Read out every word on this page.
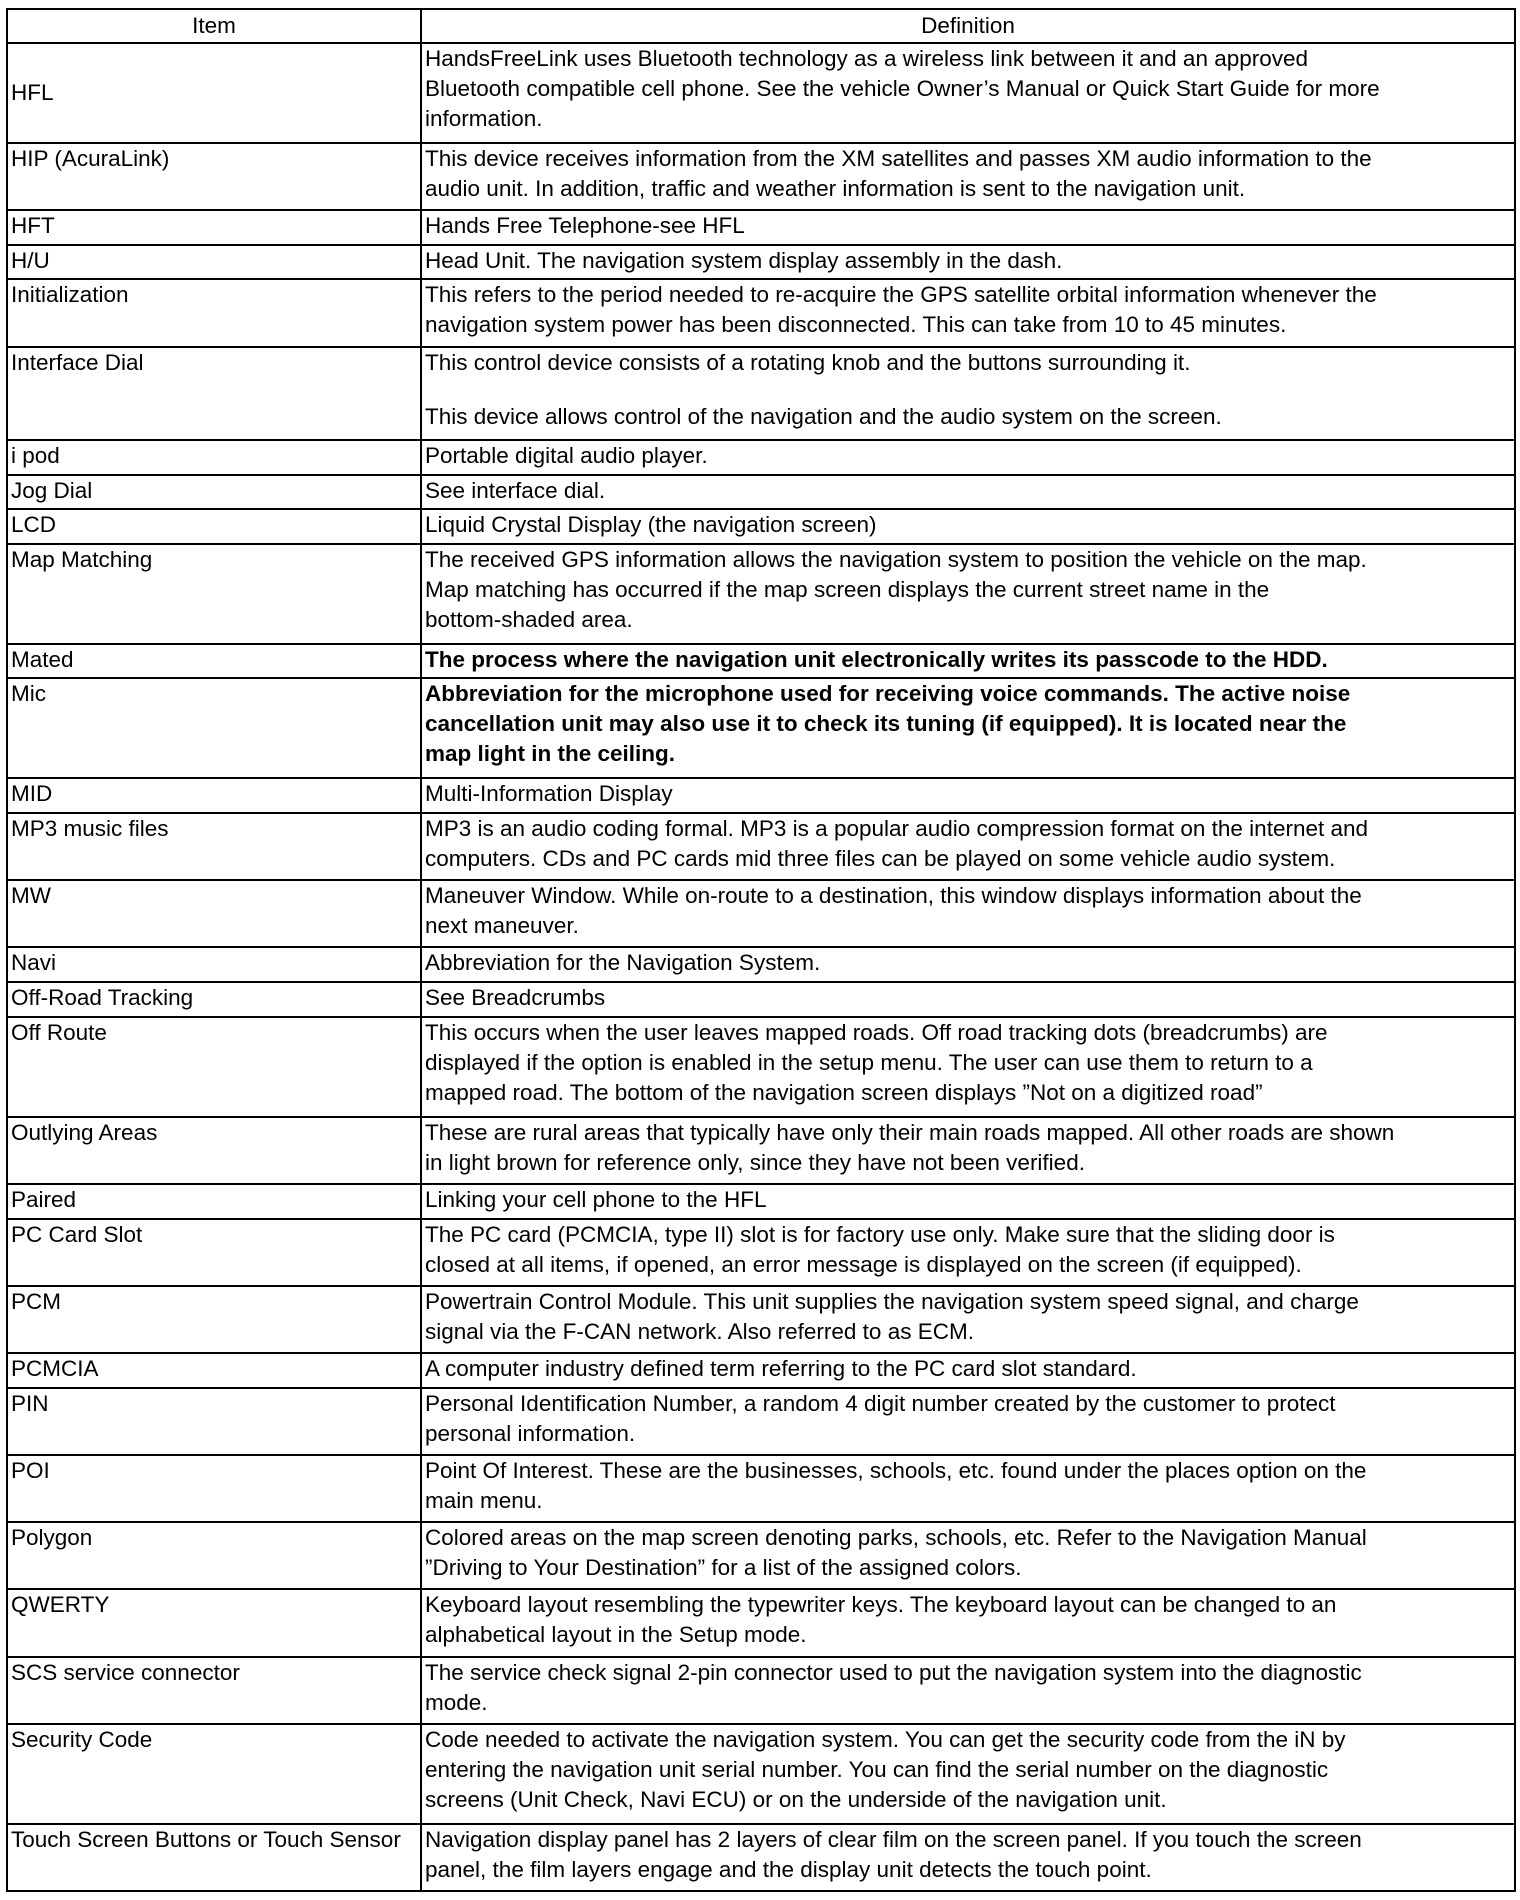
Item	Definition
HFL	HandsFreeLink uses Bluetooth technology as a wireless link between it and an approved
Bluetooth compatible cell phone. See the vehicle Owner’s Manual or Quick Start Guide for more
information.

HIP (AcuraLink)	This device receives information from the XM satellites and passes XM audio information to the
audio unit. In addition, traffic and weather information is sent to the navigation unit.

HFT	Hands Free Telephone-see HFL

H/U	Head Unit. The navigation system display assembly in the dash.

Initialization	This refers to the period needed to re-acquire the GPS satellite orbital information whenever the
navigation system power has been disconnected. This can take from 10 to 45 minutes.

Interface Dial	This control device consists of a rotating knob and the buttons surrounding it.
This device allows control of the navigation and the audio system on the screen.

i pod	Portable digital audio player.

Jog Dial	See interface dial.

LCD	Liquid Crystal Display (the navigation screen)

Map Matching	The received GPS information allows the navigation system to position the vehicle on the map.
Map matching has occurred if the map screen displays the current street name in the
bottom-shaded area.

Mated	The process where the navigation unit electronically writes its passcode to the HDD.

Mic	Abbreviation for the microphone used for receiving voice commands. The active noise
cancellation unit may also use it to check its tuning (if equipped). It is located near the
map light in the ceiling.

MID	Multi-Information Display

MP3 music files	MP3 is an audio coding formal. MP3 is a popular audio compression format on the internet and
computers. CDs and PC cards mid three files can be played on some vehicle audio system.

MW	Maneuver Window. While on-route to a destination, this window displays information about the
next maneuver.

Navi	Abbreviation for the Navigation System.

Off-Road Tracking	See Breadcrumbs

Off Route	This occurs when the user leaves mapped roads. Off road tracking dots (breadcrumbs) are
displayed if the option is enabled in the setup menu. The user can use them to return to a
mapped road. The bottom of the navigation screen displays ”Not on a digitized road”

Outlying Areas	These are rural areas that typically have only their main roads mapped. All other roads are shown
in light brown for reference only, since they have not been verified.

Paired	Linking your cell phone to the HFL

PC Card Slot	The PC card (PCMCIA, type II) slot is for factory use only. Make sure that the sliding door is
closed at all items, if opened, an error message is displayed on the screen (if equipped).

PCM	Powertrain Control Module. This unit supplies the navigation system speed signal, and charge
signal via the F-CAN network. Also referred to as ECM.

PCMCIA	A computer industry defined term referring to the PC card slot standard.

PIN	Personal Identification Number, a random 4 digit number created by the customer to protect
personal information.

POI	Point Of Interest. These are the businesses, schools, etc. found under the places option on the
main menu.

Polygon	Colored areas on the map screen denoting parks, schools, etc. Refer to the Navigation Manual
”Driving to Your Destination” for a list of the assigned colors.

QWERTY	Keyboard layout resembling the typewriter keys. The keyboard layout can be changed to an
alphabetical layout in the Setup mode.

SCS service connector	The service check signal 2-pin connector used to put the navigation system into the diagnostic
mode.

Security Code	Code needed to activate the navigation system. You can get the security code from the iN by
entering the navigation unit serial number. You can find the serial number on the diagnostic
screens (Unit Check, Navi ECU) or on the underside of the navigation unit.

Touch Screen Buttons or Touch Sensor	Navigation display panel has 2 layers of clear film on the screen panel. If you touch the screen
panel, the film layers engage and the display unit detects the touch point.
